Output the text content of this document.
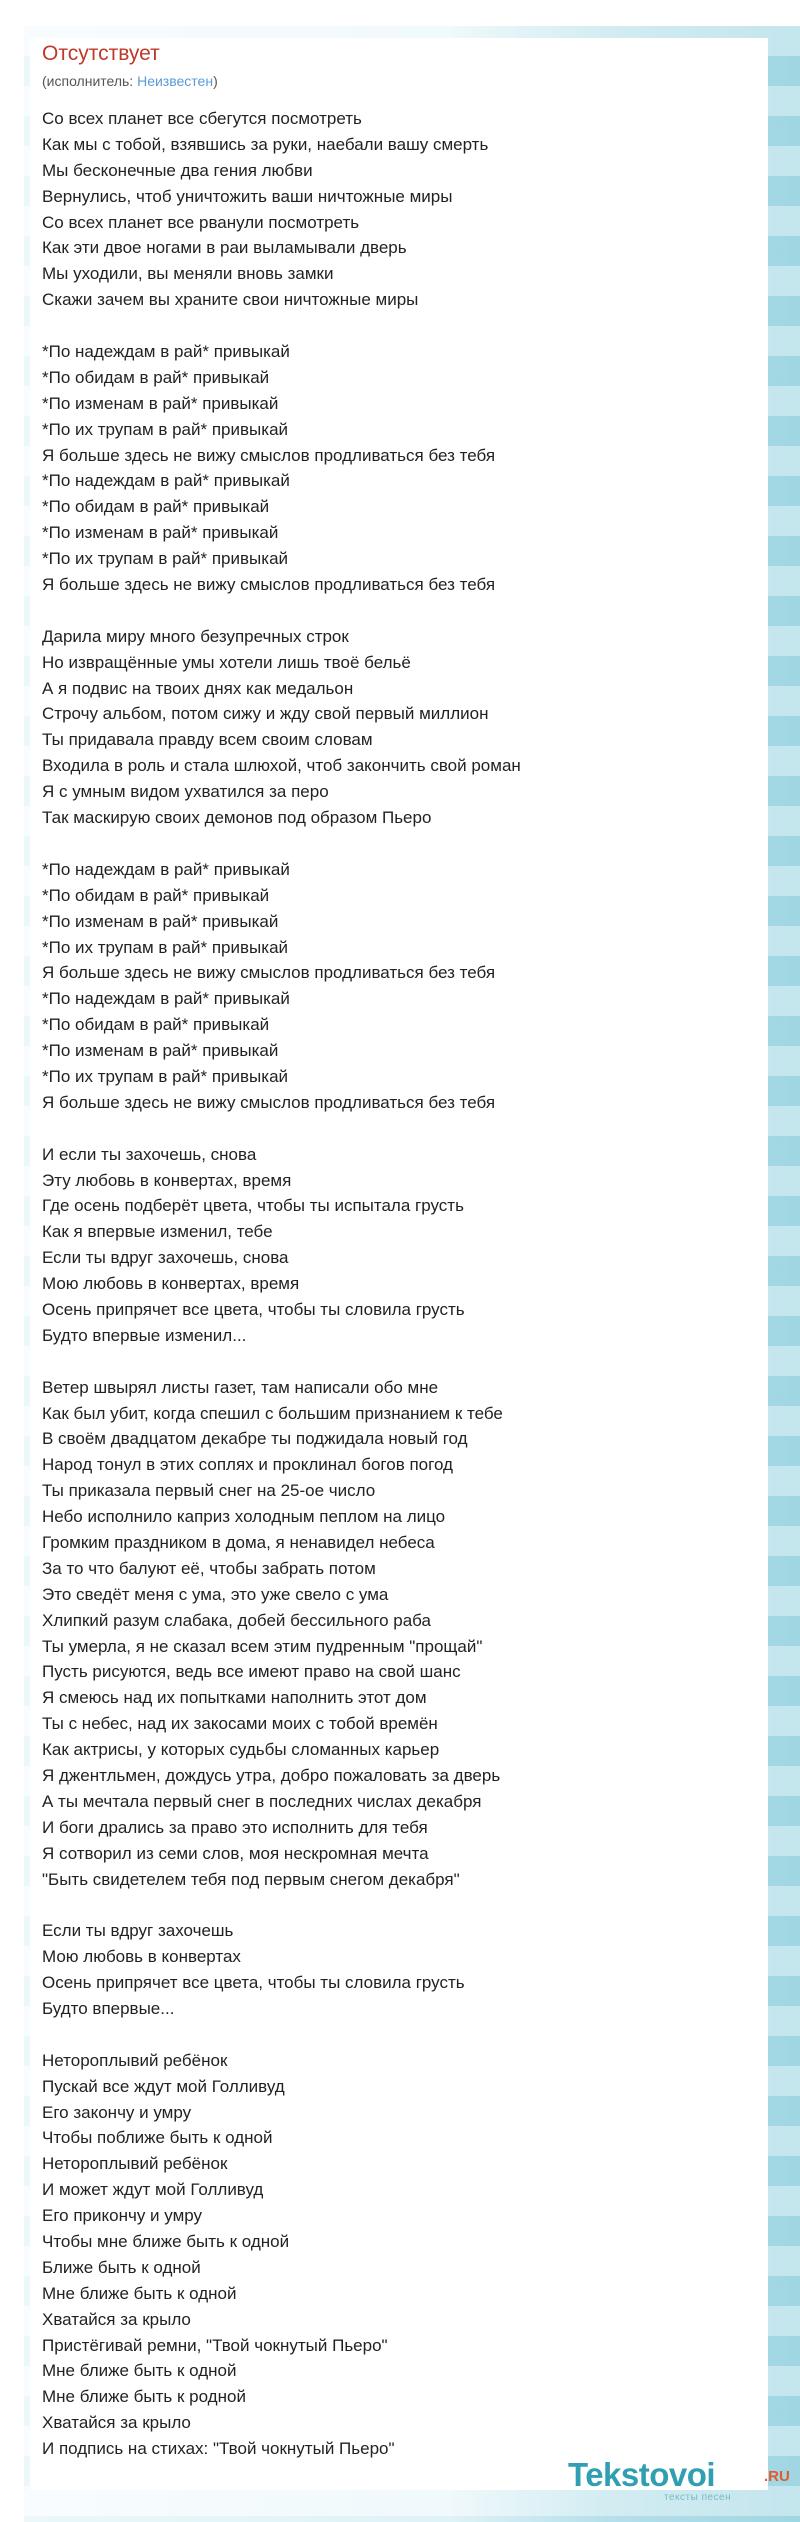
Отсутствует
(исполнитель: Неизвестен)
Со всех планет все сбегутся посмотреть
Как мы с тобой, взявшись за руки, наебали вашу смерть
Мы бесконечные два гения любви
Вернулись, чтоб уничтожить ваши ничтожные миры
Со всех планет все рванули посмотреть
Как эти двое ногами в раи выламывали дверь
Мы уходили, вы меняли вновь замки
Скажи зачем вы храните свои ничтожные миры
*По надеждам в рай* привыкай
*По обидам в рай* привыкай
*По изменам в рай* привыкай
*По их трупам в рай* привыкай
Я больше здесь не вижу смыслов продливаться без тебя
*По надеждам в рай* привыкай
*По обидам в рай* привыкай
*По изменам в рай* привыкай
*По их трупам в рай* привыкай
Я больше здесь не вижу смыслов продливаться без тебя
Дарила миру много безупречных строк
Но извращённые умы хотели лишь твоё бельё
А я подвис на твоих днях как медальон
Строчу альбом, потом сижу и жду свой первый миллион
Ты придавала правду всем своим словам
Входила в роль и стала шлюхой, чтоб закончить свой роман
Я с умным видом ухватился за перо
Так маскирую своих демонов под образом Пьеро
*По надеждам в рай* привыкай
*По обидам в рай* привыкай
*По изменам в рай* привыкай
*По их трупам в рай* привыкай
Я больше здесь не вижу смыслов продливаться без тебя
*По надеждам в рай* привыкай
*По обидам в рай* привыкай
*По изменам в рай* привыкай
*По их трупам в рай* привыкай
Я больше здесь не вижу смыслов продливаться без тебя
И если ты захочешь, снова
Эту любовь в конвертах, время
Где осень подберёт цвета, чтобы ты испытала грусть
Как я впервые изменил, тебе
Если ты вдруг захочешь, снова
Мою любовь в конвертах, время
Осень припрячет все цвета, чтобы ты словила грусть
Будто впервые изменил...
Ветер швырял листы газет, там написали обо мне
Как был убит, когда спешил с большим признанием к тебе
В своём двадцатом декабре ты поджидала новый год
Народ тонул в этих соплях и проклинал богов погод
Ты приказала первый снег на 25-ое число
Небо исполнило каприз холодным пеплом на лицо
Громким праздником в дома, я ненавидел небеса
За то что балуют её, чтобы забрать потом
Это сведёт меня с ума, это уже свело с ума
Хлипкий разум слабака, добей бессильного раба
Ты умерла, я не сказал всем этим пудренным "прощай"
Пусть рисуются, ведь все имеют право на свой шанс
Я смеюсь над их попытками наполнить этот дом
Ты с небес, над их закосами моих с тобой времён
Как актрисы, у которых судьбы сломанных карьер
Я джентльмен, дождусь утра, добро пожаловать за дверь
А ты мечтала первый снег в последних числах декабря
И боги дрались за право это исполнить для тебя
Я сотворил из семи слов, моя нескромная мечта
"Быть свидетелем тебя под первым снегом декабря"
Если ты вдруг захочешь
Мою любовь в конвертах
Осень припрячет все цвета, чтобы ты словила грусть
Будто впервые...
Нетороплывий ребёнок
Пускай все ждут мой Голливуд
Его закончу и умру
Чтобы поближе быть к одной
Нетороплывий ребёнок
И может ждут мой Голливуд
Его прикончу и умру
Чтобы мне ближе быть к одной
Ближе быть к одной
Мне ближе быть к одной
Хватайся за крыло
Пристёгивай ремни, "Твой чокнутый Пьеро"
Мне ближе быть к одной
Мне ближе быть к родной
Хватайся за крыло
И подпись на стихах: "Твой чокнутый Пьеро"
Tekstovoi	.RU
тексты песен
